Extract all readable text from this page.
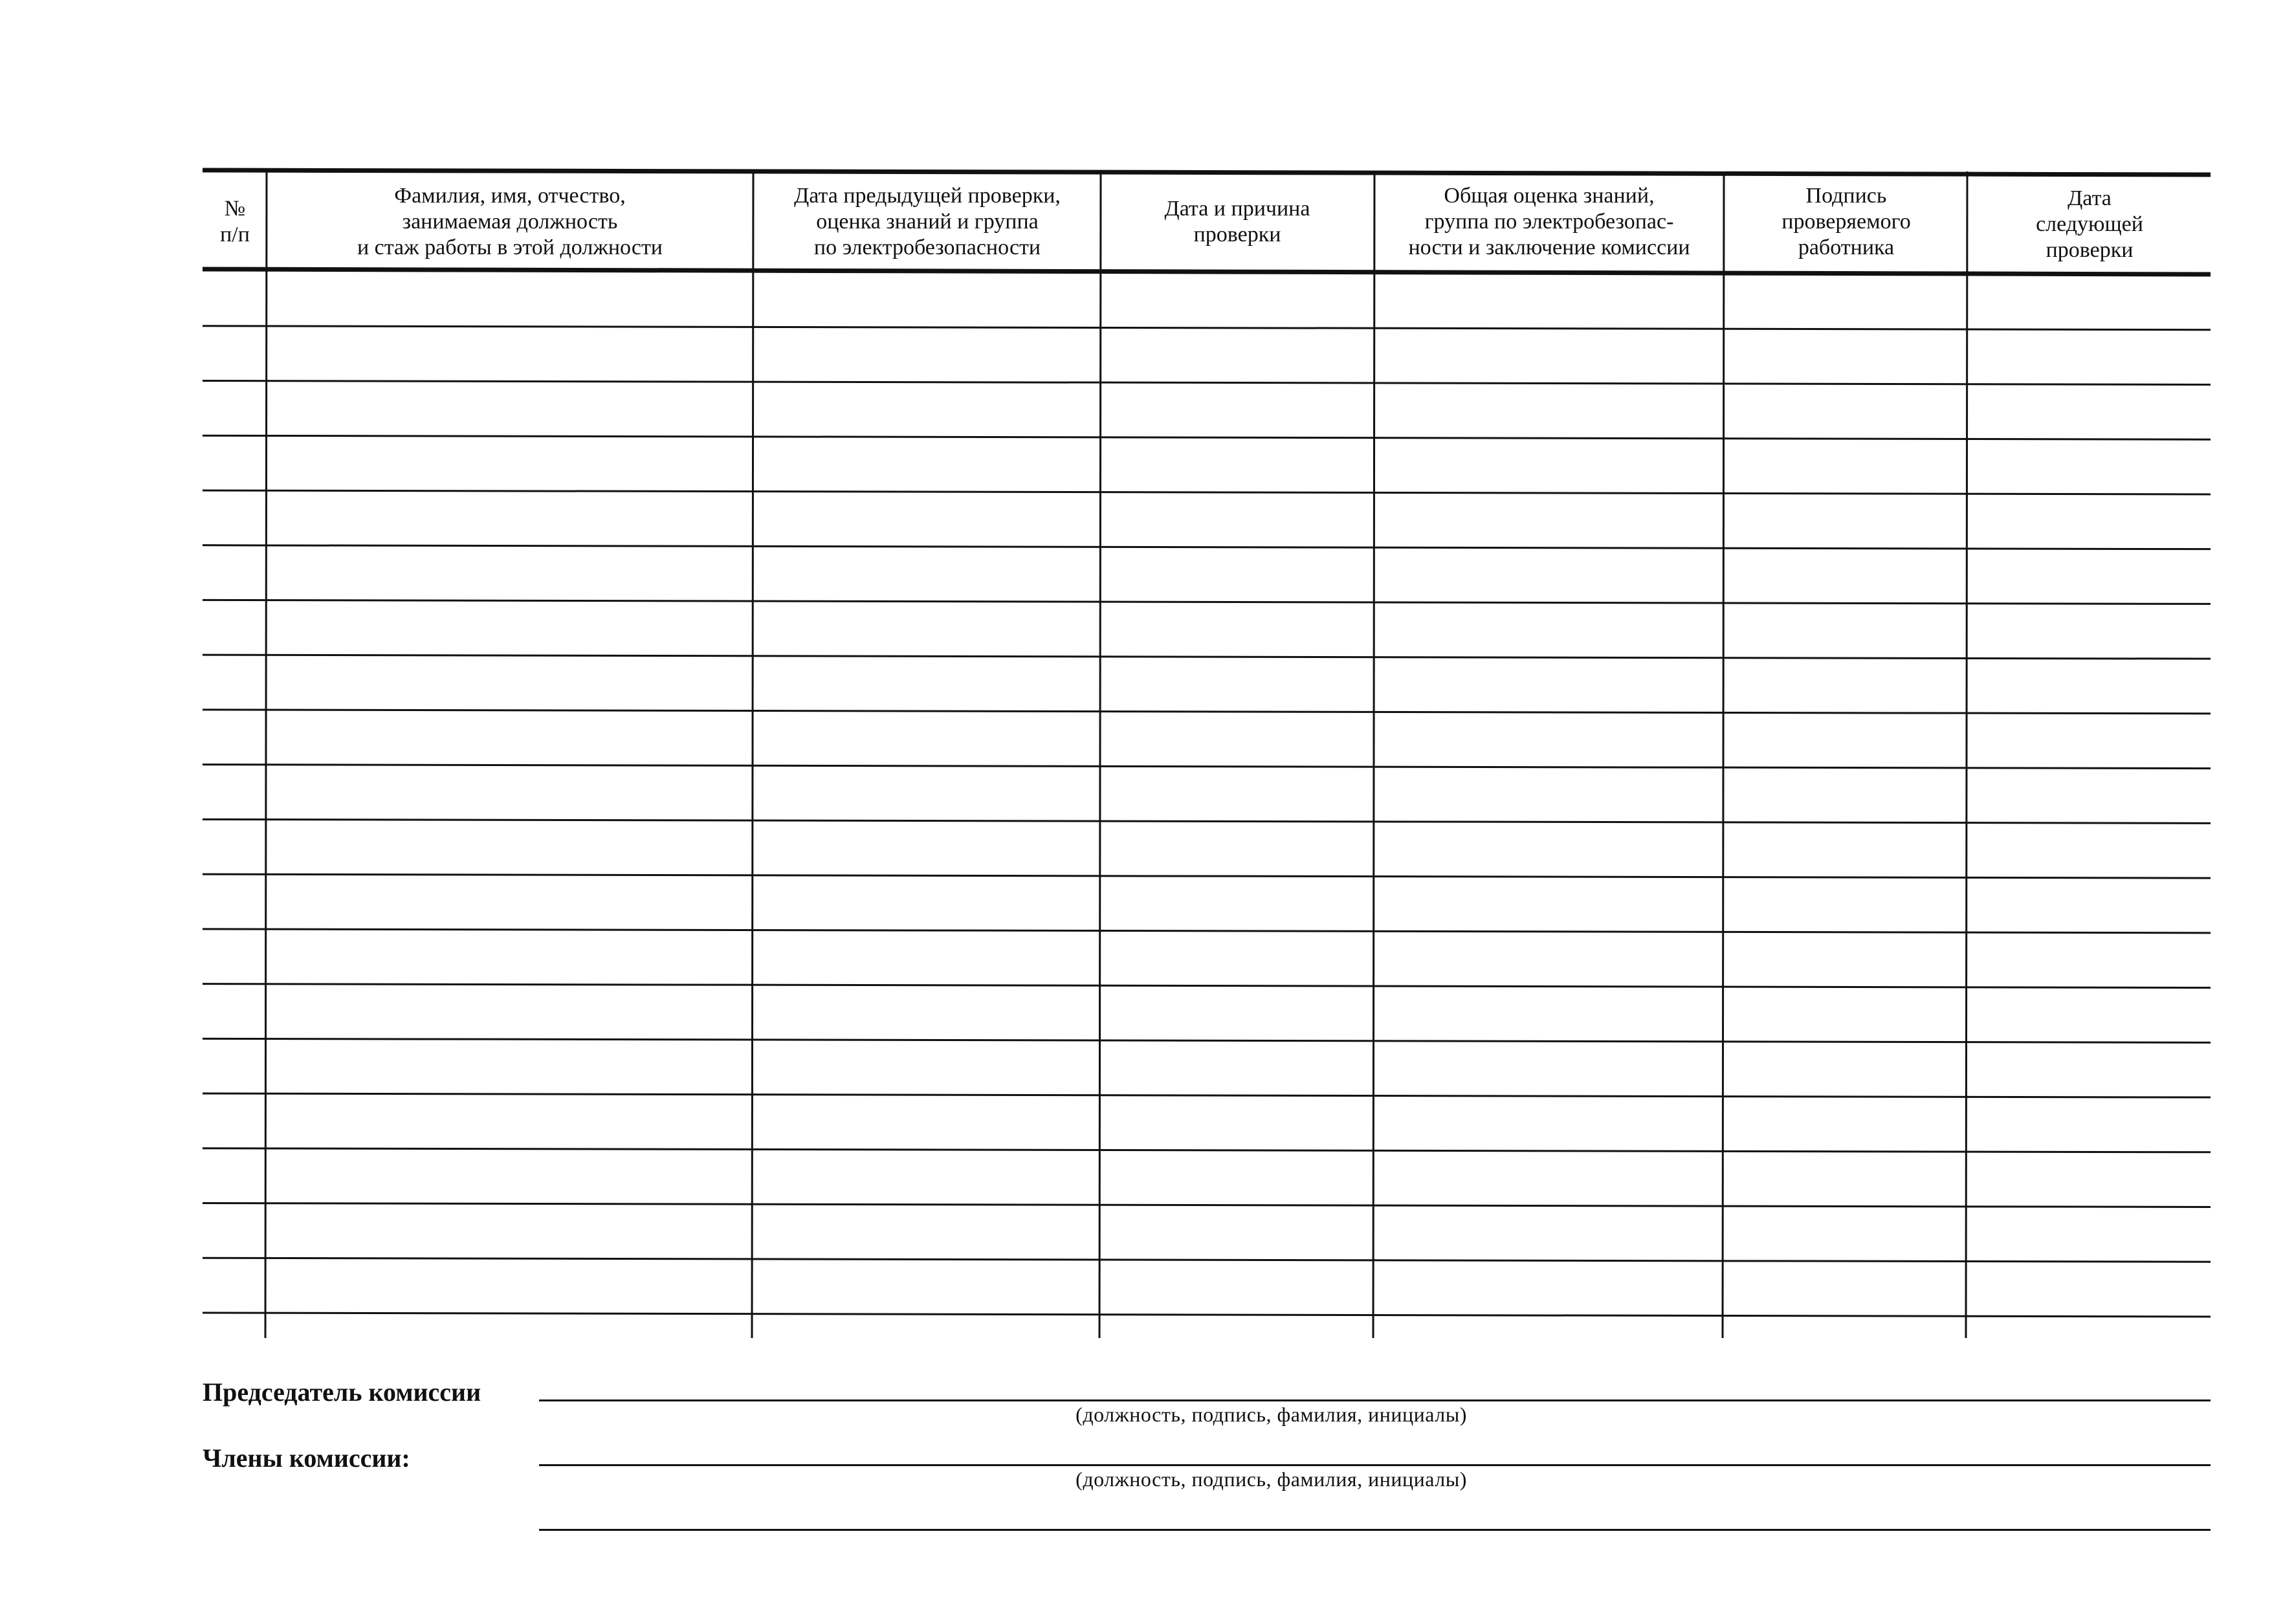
№
п/п
Фамилия, имя, отчество,
занимаемая должность
и стаж работы в этой должности
Дата предыдущей проверки,
оценка знаний и группа
по электробезопасности
Дата и причина
проверки
Общая оценка знаний,
группа по электробезопас-
ности и заключение комиссии
Подпись
проверяемого
работника
Дата
следующей
проверки
Председатель комиссии
(должность, подпись, фамилия, инициалы)
Члены комиссии:
(должность, подпись, фамилия, инициалы)
